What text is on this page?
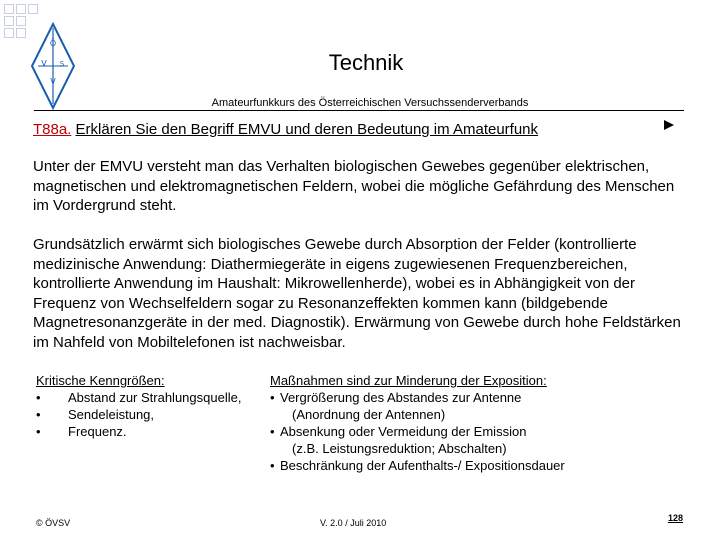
Ö
V S
V
Technik
Amateurfunkkurs des Österreichischen Versuchssenderverbands
T88a. Erklären Sie den Begriff EMVU und deren Bedeutung im Amateurfunk
Unter der EMVU versteht man das Verhalten biologischen Gewebes gegenüber elektrischen, magnetischen und elektromagnetischen Feldern, wobei die mögliche Gefährdung des Menschen im Vordergrund steht.
Grundsätzlich erwärmt sich biologisches Gewebe durch Absorption der Felder (kontrollierte medizinische Anwendung: Diathermiegeräte in eigens zugewiesenen Frequenzbereichen, kontrollierte Anwendung im Haushalt: Mikrowellenherde), wobei es in Abhängigkeit von der Frequenz von Wechselfeldern sogar zu Resonanzeffekten kommen kann (bildgebende Magnetresonanzgeräte in der med. Diagnostik). Erwärmung von Gewebe durch hohe Feldstärken im Nahfeld von Mobiltelefonen ist nachweisbar.
Kritische Kenngrößen:
• Abstand zur Strahlungsquelle,
• Sendeleistung,
• Frequenz.
Maßnahmen sind zur Minderung der Exposition:
• Vergrößerung des Abstandes zur Antenne
(Anordnung der Antennen)
• Absenkung oder Vermeidung der Emission
(z.B. Leistungsreduktion; Abschalten)
• Beschränkung der Aufenthalts-/ Expositionsdauer
© ÖVSV	V. 2.0 / Juli 2010	128
